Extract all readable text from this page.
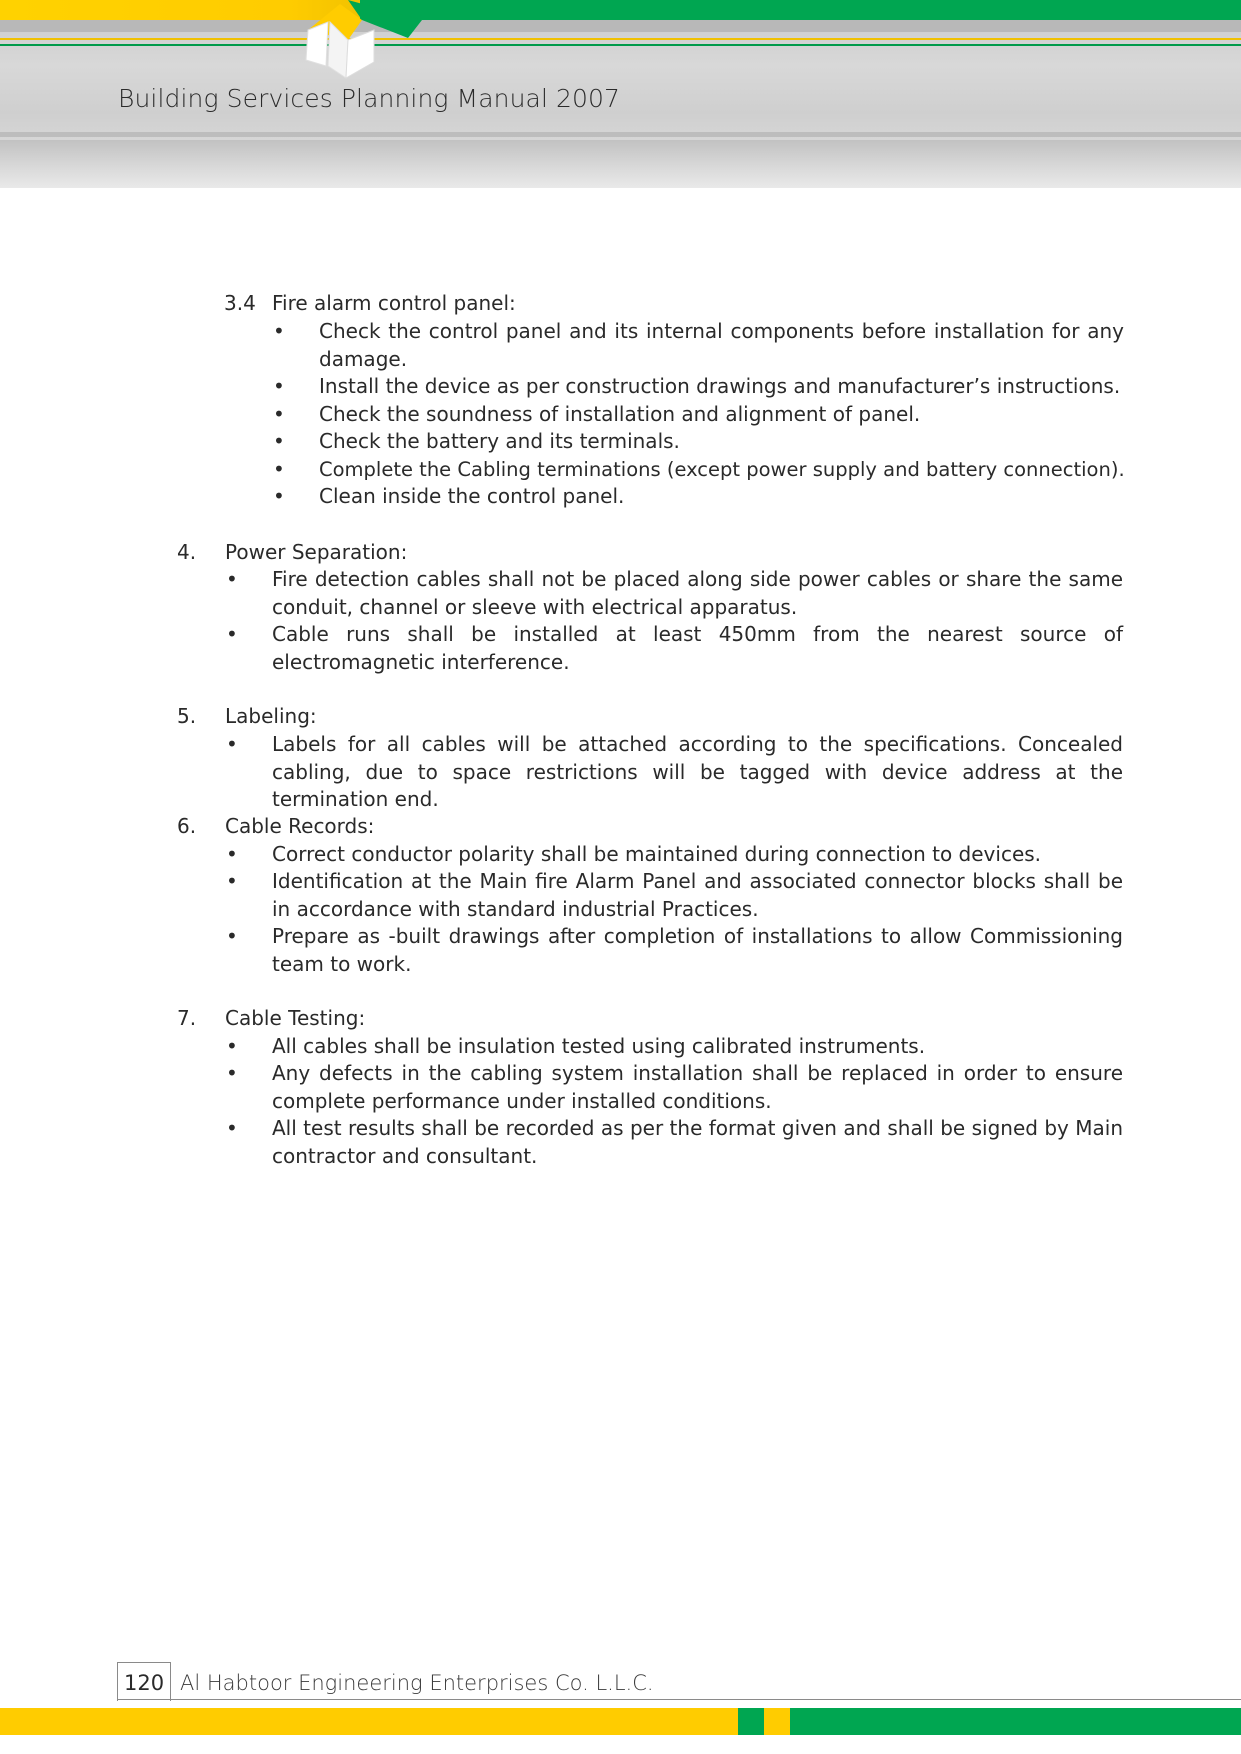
Building Services Planning Manual 2007
3.4 Fire alarm control panel:
• Check the control panel and its internal components before installation for any damage.
• Install the device as per construction drawings and manufacturer’s instructions.
• Check the soundness of installation and alignment of panel.
• Check the battery and its terminals.
• Complete the Cabling terminations (except power supply and battery connection).
• Clean inside the control panel.
4. Power Separation:
• Fire detection cables shall not be placed along side power cables or share the same conduit, channel or sleeve with electrical apparatus.
• Cable runs shall be installed at least 450mm from the nearest source of electromagnetic interference.
5. Labeling:
• Labels for all cables will be attached according to the specifications. Concealed cabling, due to space restrictions will be tagged with device address at the termination end.
6. Cable Records:
• Correct conductor polarity shall be maintained during connection to devices.
• Identification at the Main fire Alarm Panel and associated connector blocks shall be in accordance with standard industrial Practices.
• Prepare as -built drawings after completion of installations to allow Commissioning team to work.
7. Cable Testing:
• All cables shall be insulation tested using calibrated instruments.
• Any defects in the cabling system installation shall be replaced in order to ensure complete performance under installed conditions.
• All test results shall be recorded as per the format given and shall be signed by Main contractor and consultant.
120 Al Habtoor Engineering Enterprises Co. L.L.C.
